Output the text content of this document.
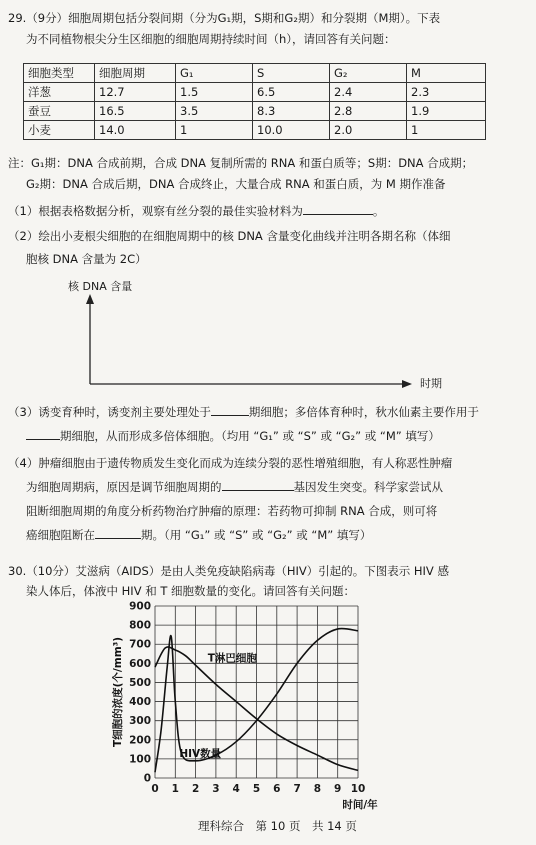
29.（9分）细胞周期包括分裂间期（分为G₁期，S期和G₂期）和分裂期（M期）。下表
为不同植物根尖分生区细胞的细胞周期持续时间（h），请回答有关问题：
细胞类型	细胞周期	G₁	S	G₂	M
洋葱	12.7	1.5	6.5	2.4	2.3
蚕豆	16.5	3.5	8.3	2.8	1.9
小麦	14.0	1	10.0	2.0	1
注：G₁期：DNA 合成前期，合成 DNA 复制所需的 RNA 和蛋白质等；S期：DNA 合成期；
G₂期：DNA 合成后期，DNA 合成终止，大量合成 RNA 和蛋白质，为 M 期作准备
（1）根据表格数据分析，观察有丝分裂的最佳实验材料为	。
（2）绘出小麦根尖细胞的在细胞周期中的核 DNA 含量变化曲线并注明各期名称（体细
胞核 DNA 含量为 2C）
核 DNA 含量
时期
（3）诱变育种时，诱变剂主要处理处于	期细胞；多倍体育种时，秋水仙素主要作用于
期细胞，从而形成多倍体细胞。（均用 “G₁” 或 “S” 或 “G₂” 或 “M” 填写）
（4）肿瘤细胞由于遗传物质发生变化而成为连续分裂的恶性增殖细胞，有人称恶性肿瘤
为细胞周期病，原因是调节细胞周期的	基因发生突变。科学家尝试从
阻断细胞周期的角度分析药物治疗肿瘤的原理：若药物可抑制 RNA 合成，则可将
癌细胞阻断在	期。（用 “G₁” 或 “S” 或 “G₂” 或 “M” 填写）
30.（10分）艾滋病（AIDS）是由人类免疫缺陷病毒（HIV）引起的。下图表示 HIV 感
染人体后，体液中 HIV 和 T 细胞数量的变化。请回答有关问题：
0
100
200
300
400
500
600
700
800
900
0 1 2 3 4 5 6 7 8 9 10
T淋巴细胞
HIV数量
T细胞的浓度(个/mm³)
时间/年
理科综合　第 10 页　共 14 页
